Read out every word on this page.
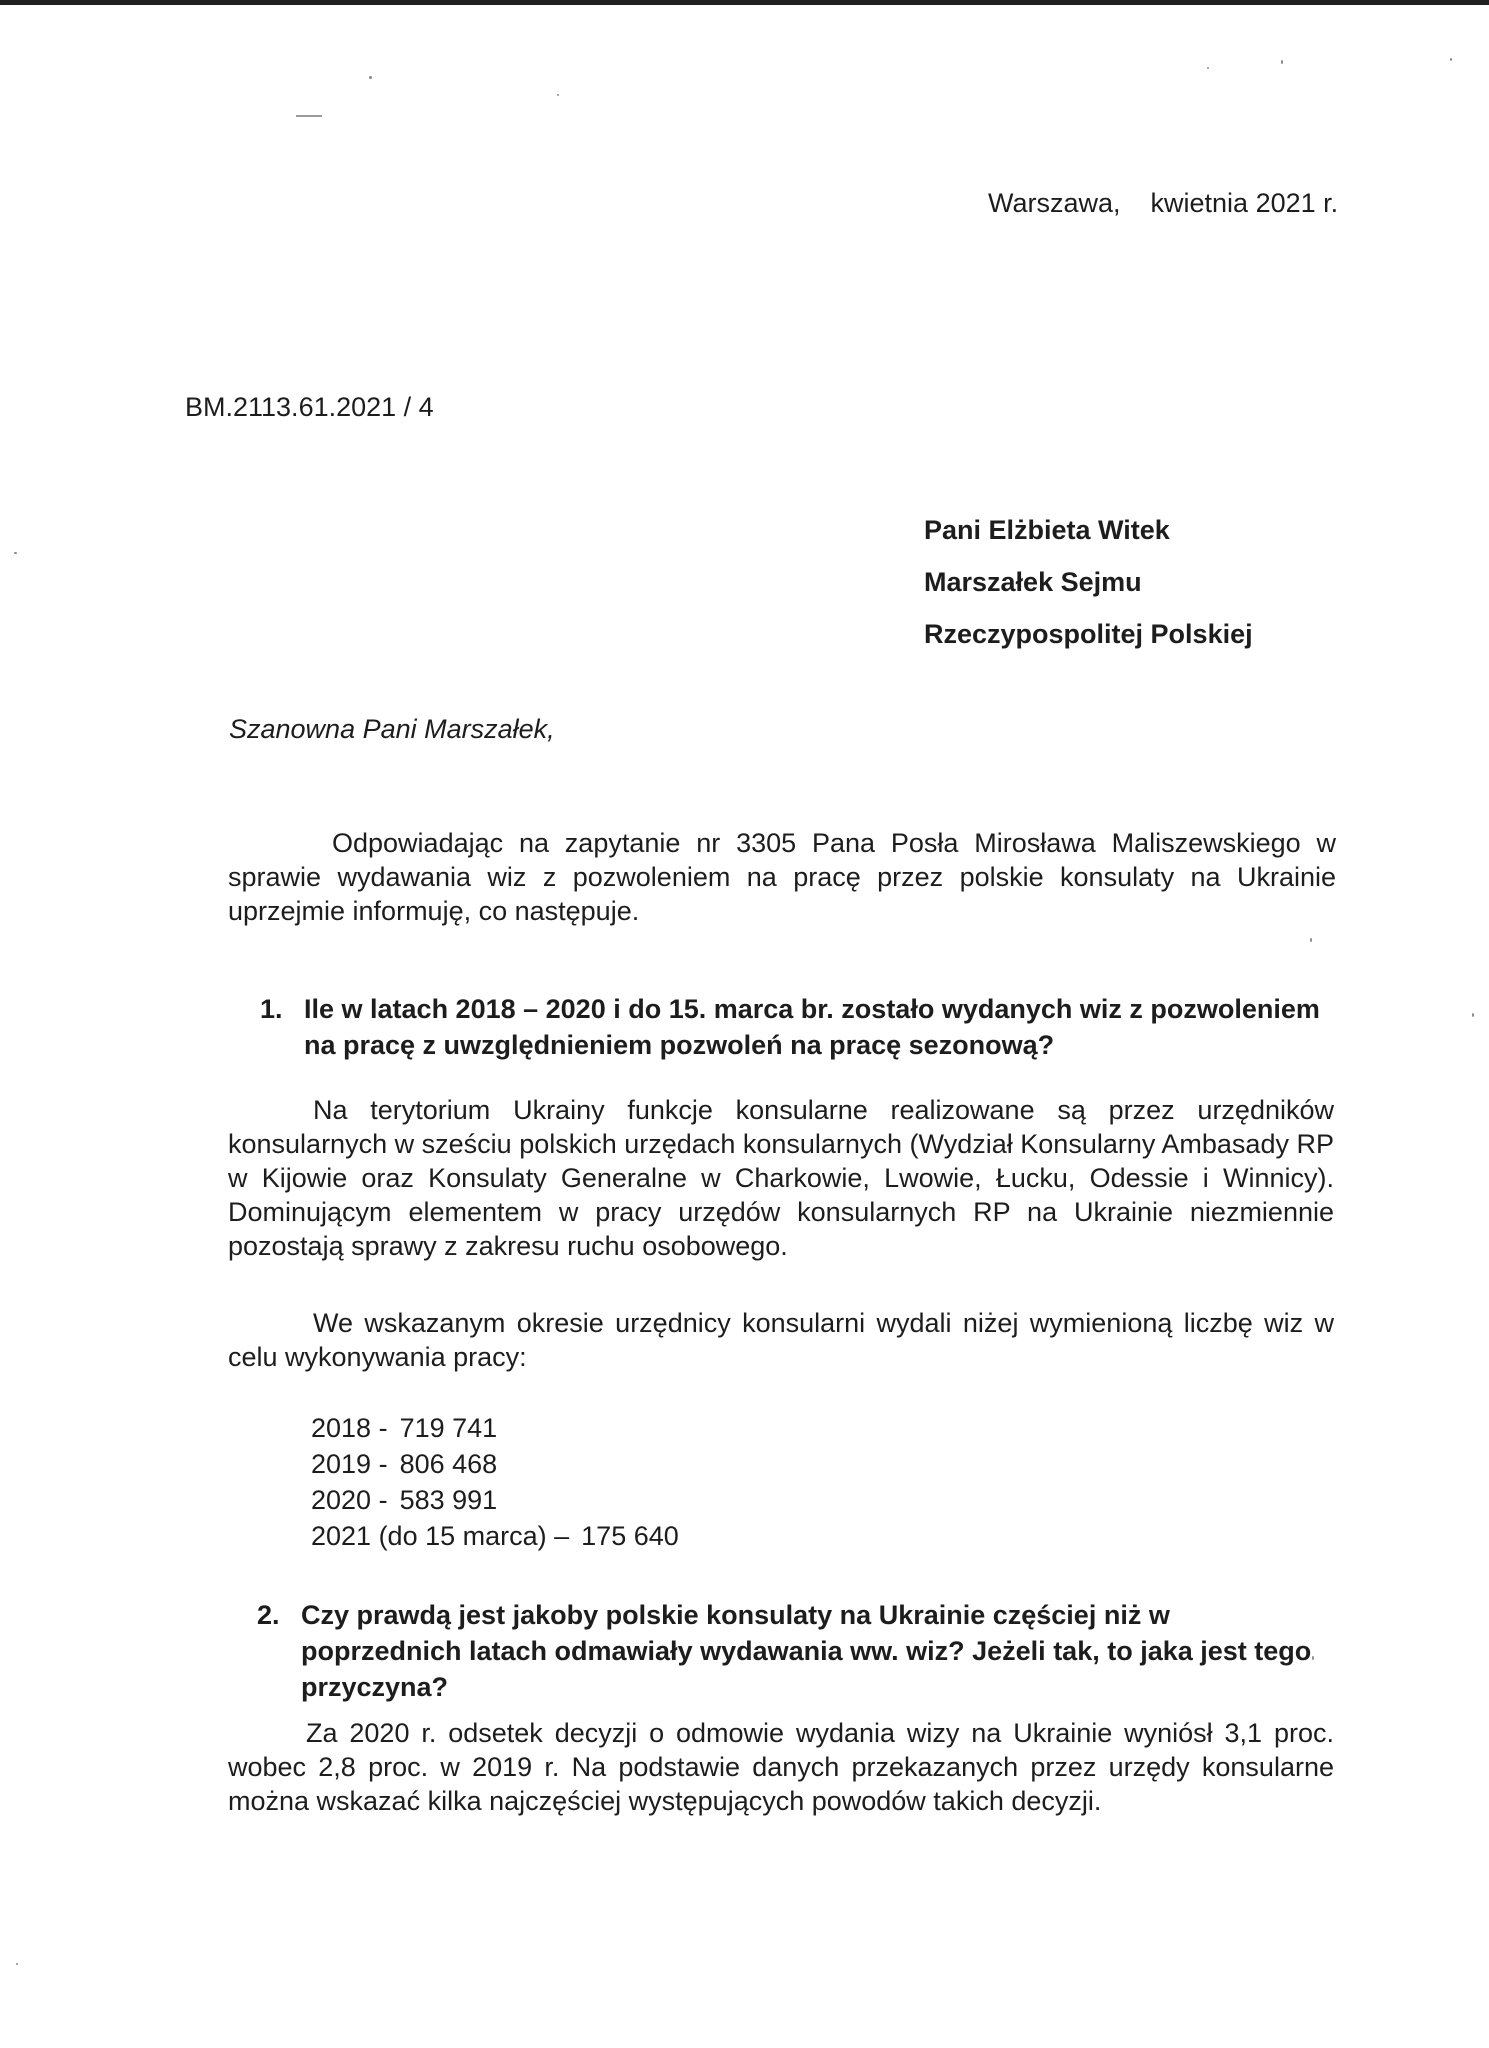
Warszawa, kwietnia 2021 r.
BM.2113.61.2021 / 4
Pani Elżbieta Witek
Marszałek Sejmu
Rzeczypospolitej Polskiej
Szanowna Pani Marszałek,
Odpowiadając na zapytanie nr 3305 Pana Posła Mirosława Maliszewskiego w sprawie wydawania wiz z pozwoleniem na pracę przez polskie konsulaty na Ukrainie uprzejmie informuję, co następuje.
1. Ile w latach 2018 – 2020 i do 15. marca br. zostało wydanych wiz z pozwoleniem na pracę z uwzględnieniem pozwoleń na pracę sezonową?
Na terytorium Ukrainy funkcje konsularne realizowane są przez urzędników konsularnych w sześciu polskich urzędach konsularnych (Wydział Konsularny Ambasady RP w Kijowie oraz Konsulaty Generalne w Charkowie, Lwowie, Łucku, Odessie i Winnicy). Dominującym elementem w pracy urzędów konsularnych RP na Ukrainie niezmiennie pozostają sprawy z zakresu ruchu osobowego.
We wskazanym okresie urzędnicy konsularni wydali niżej wymienioną liczbę wiz w celu wykonywania pracy:
2018 - 719 741
2019 - 806 468
2020 - 583 991
2021 (do 15 marca) – 175 640
2. Czy prawdą jest jakoby polskie konsulaty na Ukrainie częściej niż w poprzednich latach odmawiały wydawania ww. wiz? Jeżeli tak, to jaka jest tego przyczyna?
Za 2020 r. odsetek decyzji o odmowie wydania wizy na Ukrainie wyniósł 3,1 proc. wobec 2,8 proc. w 2019 r. Na podstawie danych przekazanych przez urzędy konsularne można wskazać kilka najczęściej występujących powodów takich decyzji.
